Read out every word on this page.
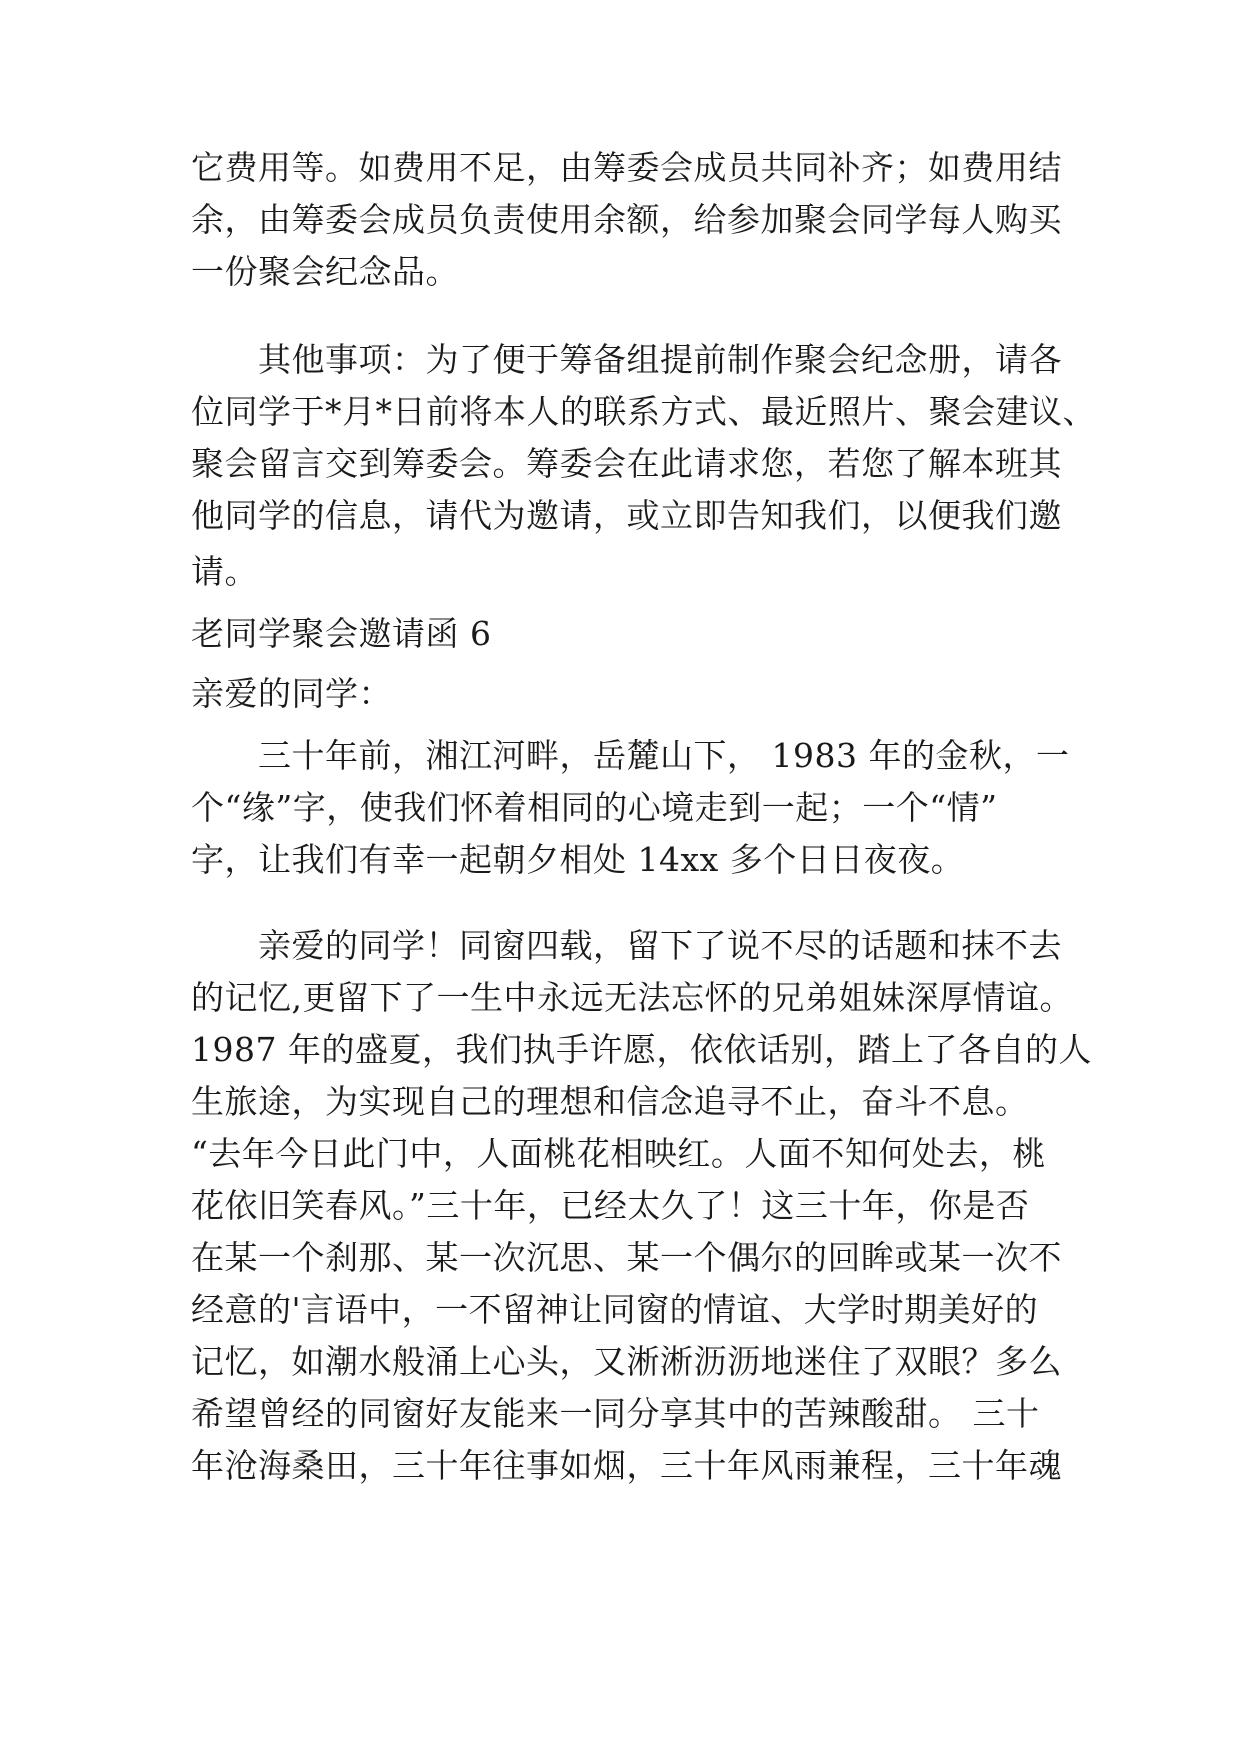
它费用等。如费用不足，由筹委会成员共同补齐；如费用结
余，由筹委会成员负责使用余额，给参加聚会同学每人购买
一份聚会纪念品。
其他事项：为了便于筹备组提前制作聚会纪念册，请各
位同学于*月*日前将本人的联系方式、最近照片、聚会建议、
聚会留言交到筹委会。筹委会在此请求您，若您了解本班其
他同学的信息，请代为邀请，或立即告知我们，以便我们邀
请。
老同学聚会邀请函 6
亲爱的同学：
三十年前，湘江河畔，岳麓山下， 1983 年的金秋，一
个“缘”字，使我们怀着相同的心境走到一起；一个“情”
字，让我们有幸一起朝夕相处 14xx 多个日日夜夜。
亲爱的同学！同窗四载，留下了说不尽的话题和抹不去
的记忆,更留下了一生中永远无法忘怀的兄弟姐妹深厚情谊。
1987 年的盛夏，我们执手许愿，依依话别，踏上了各自的人
生旅途，为实现自己的理想和信念追寻不止，奋斗不息。
“去年今日此门中，人面桃花相映红。人面不知何处去，桃
花依旧笑春风。”三十年，已经太久了！这三十年，你是否
在某一个刹那、某一次沉思、某一个偶尔的回眸或某一次不
经意的'言语中，一不留神让同窗的情谊、大学时期美好的
记忆，如潮水般涌上心头，又淅淅沥沥地迷住了双眼？多么
希望曾经的同窗好友能来一同分享其中的苦辣酸甜。 三十
年沧海桑田，三十年往事如烟，三十年风雨兼程，三十年魂
